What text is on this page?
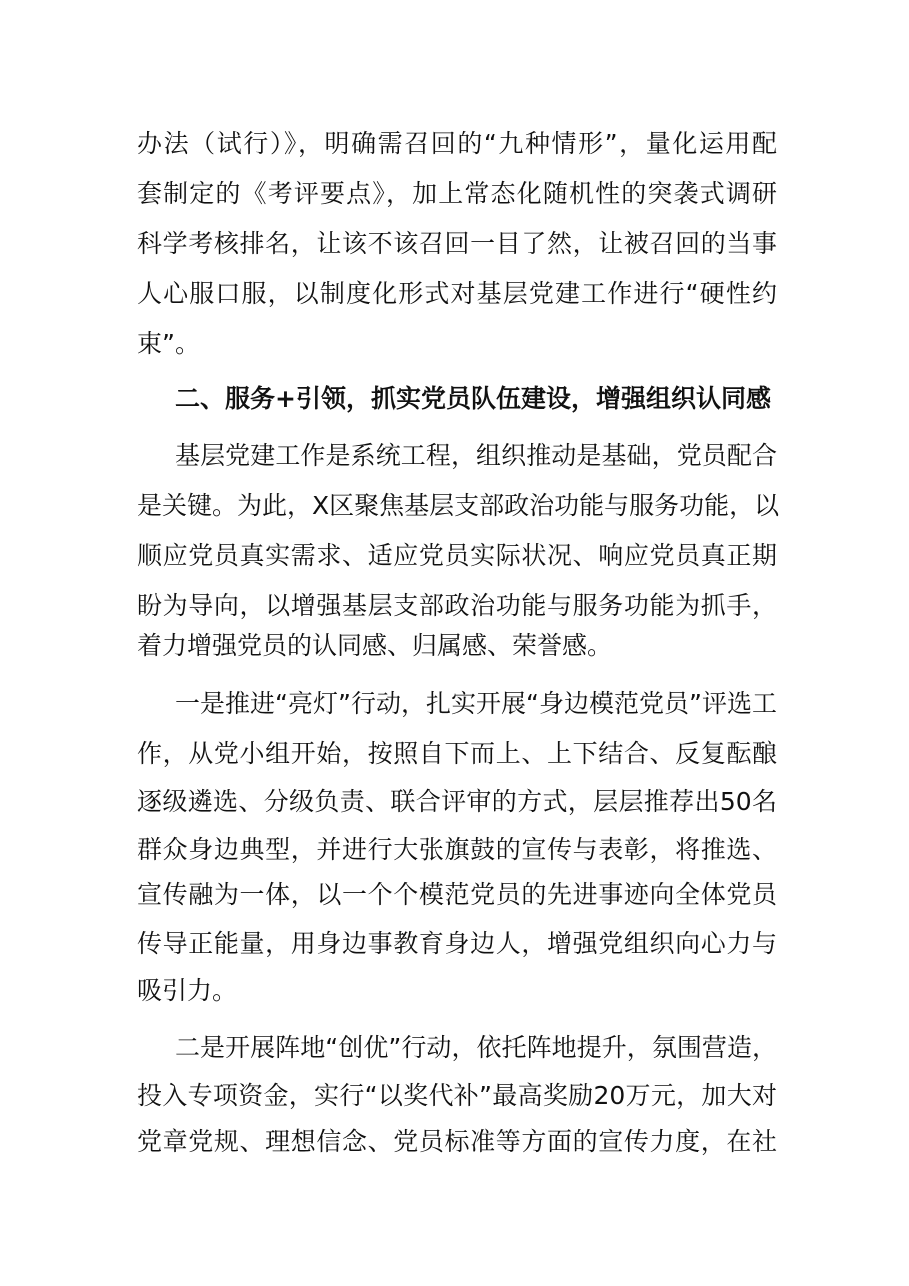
办法（试行）》，明确需召回的“九种情形”，量化运用配
套制定的《考评要点》，加上常态化随机性的突袭式调研
科学考核排名，让该不该召回一目了然，让被召回的当事
人心服口服，以制度化形式对基层党建工作进行“硬性约
束”。
二、服务+引领，抓实党员队伍建设，增强组织认同感
基层党建工作是系统工程，组织推动是基础，党员配合
是关键。为此，X区聚焦基层支部政治功能与服务功能，以
顺应党员真实需求、适应党员实际状况、响应党员真正期
盼为导向，以增强基层支部政治功能与服务功能为抓手，
着力增强党员的认同感、归属感、荣誉感。
一是推进“亮灯”行动，扎实开展“身边模范党员”评选工
作，从党小组开始，按照自下而上、上下结合、反复酝酿
逐级遴选、分级负责、联合评审的方式，层层推荐出50名
群众身边典型，并进行大张旗鼓的宣传与表彰，将推选、
宣传融为一体，以一个个模范党员的先进事迹向全体党员
传导正能量，用身边事教育身边人，增强党组织向心力与
吸引力。
二是开展阵地“创优”行动，依托阵地提升，氛围营造，
投入专项资金，实行“以奖代补”最高奖励20万元，加大对
党章党规、理想信念、党员标准等方面的宣传力度，在社
